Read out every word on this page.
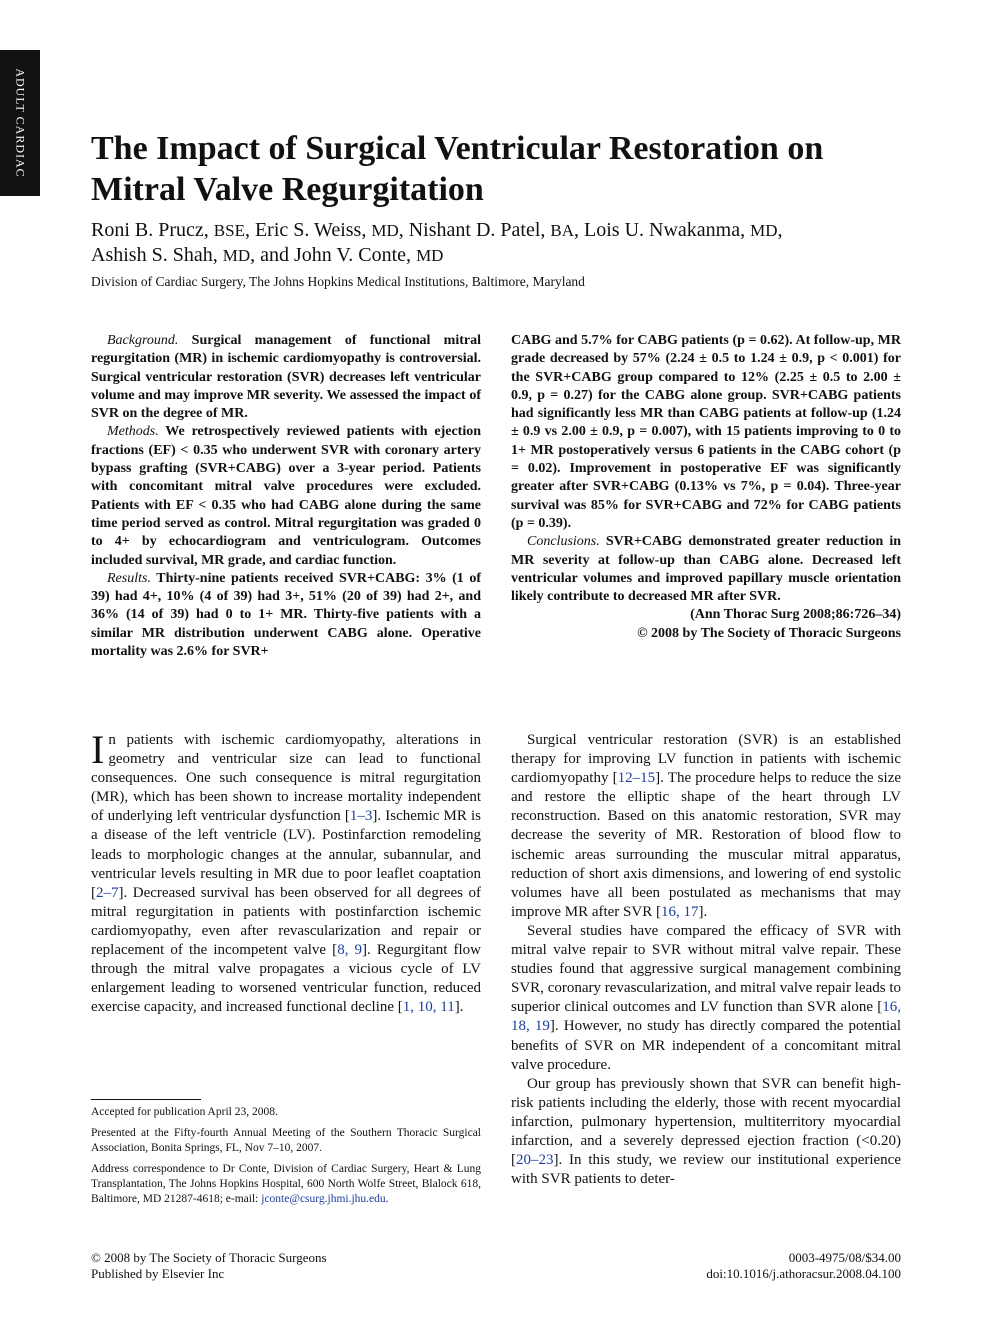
ADULT CARDIAC The Impact of Surgical Ventricular Restoration on Mitral Valve Regurgitation
Roni B. Prucz, BSE, Eric S. Weiss, MD, Nishant D. Patel, BA, Lois U. Nwakanma, MD,
Ashish S. Shah, MD, and John V. Conte, MD
Division of Cardiac Surgery, The Johns Hopkins Medical Institutions, Baltimore, Maryland

Background. Surgical management of functional mitral regurgitation (MR) in ischemic cardiomyopathy is controversial. Surgical ventricular restoration (SVR) decreases left ventricular volume and may improve MR severity. We assessed the impact of SVR on the degree of MR.

Methods. We retrospectively reviewed patients with ejection fractions (EF) < 0.35 who underwent SVR with coronary artery bypass grafting (SVR+CABG) over a 3-year period. Patients with concomitant mitral valve procedures were excluded. Patients with EF < 0.35 who had CABG alone during the same time period served as control. Mitral regurgitation was graded 0 to 4+ by echocardiogram and ventriculogram. Outcomes included survival, MR grade, and cardiac function.

Results. Thirty-nine patients received SVR+CABG: 3% (1 of 39) had 4+, 10% (4 of 39) had 3+, 51% (20 of 39) had 2+, and 36% (14 of 39) had 0 to 1+ MR. Thirty-five patients with a similar MR distribution underwent CABG alone. Operative mortality was 2.6% for SVR+

CABG and 5.7% for CABG patients (p = 0.62). At follow-up, MR grade decreased by 57% (2.24 ± 0.5 to 1.24 ± 0.9, p < 0.001) for the SVR+CABG group compared to 12% (2.25 ± 0.5 to 2.00 ± 0.9, p = 0.27) for the CABG alone group. SVR+CABG patients had significantly less MR than CABG patients at follow-up (1.24 ± 0.9 vs 2.00 ± 0.9, p = 0.007), with 15 patients improving to 0 to 1+ MR postoperatively versus 6 patients in the CABG cohort (p = 0.02). Improvement in postoperative EF was significantly greater after SVR+CABG (0.13% vs 7%, p = 0.04). Three-year survival was 85% for SVR+CABG and 72% for CABG patients (p = 0.39).

Conclusions. SVR+CABG demonstrated greater reduction in MR severity at follow-up than CABG alone. Decreased left ventricular volumes and improved papillary muscle orientation likely contribute to decreased MR after SVR.

(Ann Thorac Surg 2008;86:726–34)

© 2008 by The Society of Thoracic Surgeons

In patients with ischemic cardiomyopathy, alterations in geometry and ventricular size can lead to functional consequences. One such consequence is mitral regurgitation (MR), which has been shown to increase mortality independent of underlying left ventricular dysfunction [1–3]. Ischemic MR is a disease of the left ventricle (LV). Postinfarction remodeling leads to morphologic changes at the annular, subannular, and ventricular levels resulting in MR due to poor leaflet coaptation [2–7]. Decreased survival has been observed for all degrees of mitral regurgitation in patients with postinfarction ischemic cardiomyopathy, even after revascularization and repair or replacement of the incompetent valve [8, 9]. Regurgitant flow through the mitral valve propagates a vicious cycle of LV enlargement leading to worsened ventricular function, reduced exercise capacity, and increased functional decline [1, 10, 11].

Surgical ventricular restoration (SVR) is an established therapy for improving LV function in patients with ischemic cardiomyopathy [12–15]. The procedure helps to reduce the size and restore the elliptic shape of the heart through LV reconstruction. Based on this anatomic restoration, SVR may decrease the severity of MR. Restoration of blood flow to ischemic areas surrounding the muscular mitral apparatus, reduction of short axis dimensions, and lowering of end systolic volumes have all been postulated as mechanisms that may improve MR after SVR [16, 17].

Several studies have compared the efficacy of SVR with mitral valve repair to SVR without mitral valve repair. These studies found that aggressive surgical management combining SVR, coronary revascularization, and mitral valve repair leads to superior clinical outcomes and LV function than SVR alone [16, 18, 19]. However, no study has directly compared the potential benefits of SVR on MR independent of a concomitant mitral valve procedure.

Our group has previously shown that SVR can benefit high-risk patients including the elderly, those with recent myocardial infarction, pulmonary hypertension, multiterritory myocardial infarction, and a severely depressed ejection fraction (<0.20) [20–23]. In this study, we review our institutional experience with SVR patients to deter-

Accepted for publication April 23, 2008.

Presented at the Fifty-fourth Annual Meeting of the Southern Thoracic Surgical Association, Bonita Springs, FL, Nov 7–10, 2007.

Address correspondence to Dr Conte, Division of Cardiac Surgery, Heart & Lung Transplantation, The Johns Hopkins Hospital, 600 North Wolfe Street, Blalock 618, Baltimore, MD 21287-4618; e-mail: jconte@csurg.jhmi.jhu.edu.

© 2008 by The Society of Thoracic Surgeons
Published by Elsevier Inc
0003-4975/08/$34.00
doi:10.1016/j.athoracsur.2008.04.100
